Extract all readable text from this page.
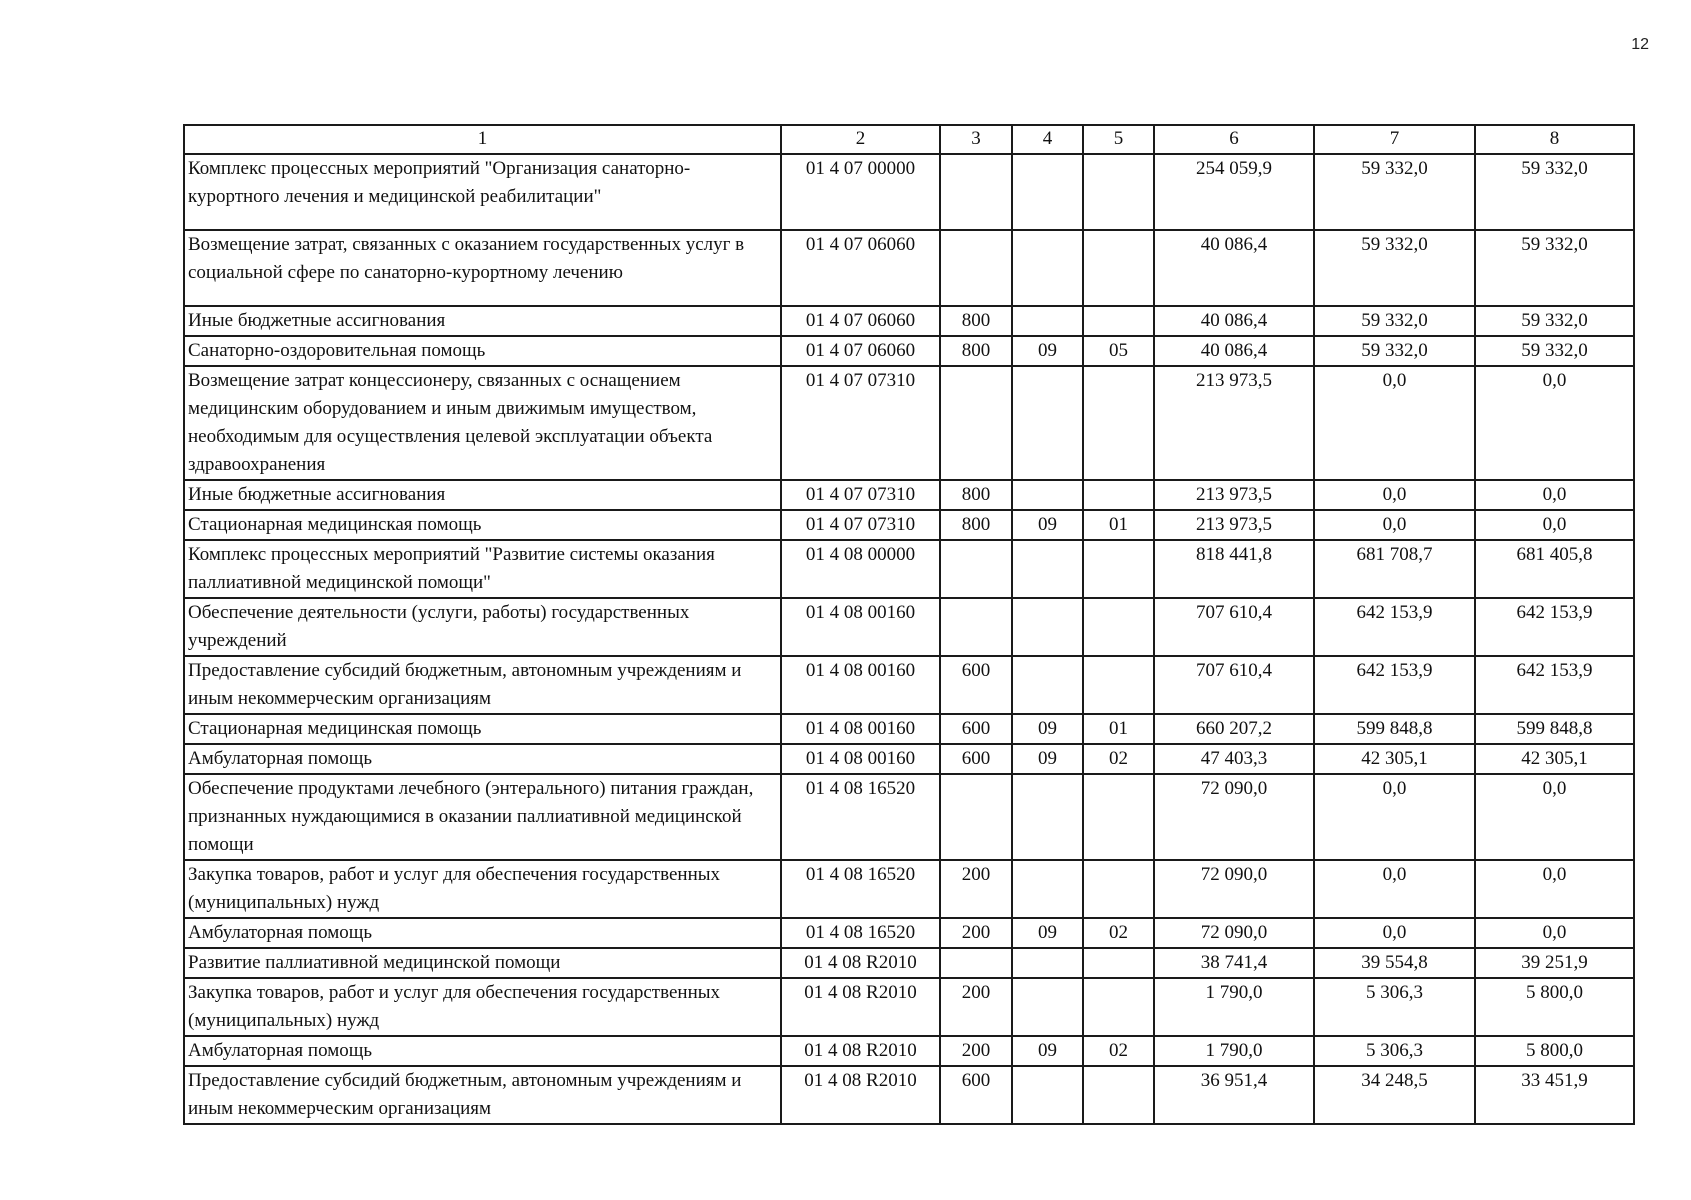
12
1	2	3	4	5	6	7	8
Комплекс процессных мероприятий "Организация санаторно-курортного лечения и медицинской реабилитации"	01 4 07 00000				254 059,9	59 332,0	59 332,0
Возмещение затрат, связанных с оказанием государственных услуг в социальной сфере по санаторно-курортному лечению	01 4 07 06060				40 086,4	59 332,0	59 332,0
Иные бюджетные ассигнования	01 4 07 06060	800			40 086,4	59 332,0	59 332,0
Санаторно-оздоровительная помощь	01 4 07 06060	800	09	05	40 086,4	59 332,0	59 332,0
Возмещение затрат концессионеру, связанных с оснащением медицинским оборудованием и иным движимым имуществом, необходимым для осуществления целевой эксплуатации объекта здравоохранения	01 4 07 07310				213 973,5	0,0	0,0
Иные бюджетные ассигнования	01 4 07 07310	800			213 973,5	0,0	0,0
Стационарная медицинская помощь	01 4 07 07310	800	09	01	213 973,5	0,0	0,0
Комплекс процессных мероприятий "Развитие системы оказания паллиативной медицинской помощи"	01 4 08 00000				818 441,8	681 708,7	681 405,8
Обеспечение деятельности (услуги, работы) государственных учреждений	01 4 08 00160				707 610,4	642 153,9	642 153,9
Предоставление субсидий бюджетным, автономным учреждениям и иным некоммерческим организациям	01 4 08 00160	600			707 610,4	642 153,9	642 153,9
Стационарная медицинская помощь	01 4 08 00160	600	09	01	660 207,2	599 848,8	599 848,8
Амбулаторная помощь	01 4 08 00160	600	09	02	47 403,3	42 305,1	42 305,1
Обеспечение продуктами лечебного (энтерального) питания граждан, признанных нуждающимися в оказании паллиативной медицинской помощи	01 4 08 16520				72 090,0	0,0	0,0
Закупка товаров, работ и услуг для обеспечения государственных (муниципальных) нужд	01 4 08 16520	200			72 090,0	0,0	0,0
Амбулаторная помощь	01 4 08 16520	200	09	02	72 090,0	0,0	0,0
Развитие паллиативной медицинской помощи	01 4 08 R2010				38 741,4	39 554,8	39 251,9
Закупка товаров, работ и услуг для обеспечения государственных (муниципальных) нужд	01 4 08 R2010	200			1 790,0	5 306,3	5 800,0
Амбулаторная помощь	01 4 08 R2010	200	09	02	1 790,0	5 306,3	5 800,0
Предоставление субсидий бюджетным, автономным учреждениям и иным некоммерческим организациям	01 4 08 R2010	600			36 951,4	34 248,5	33 451,9
